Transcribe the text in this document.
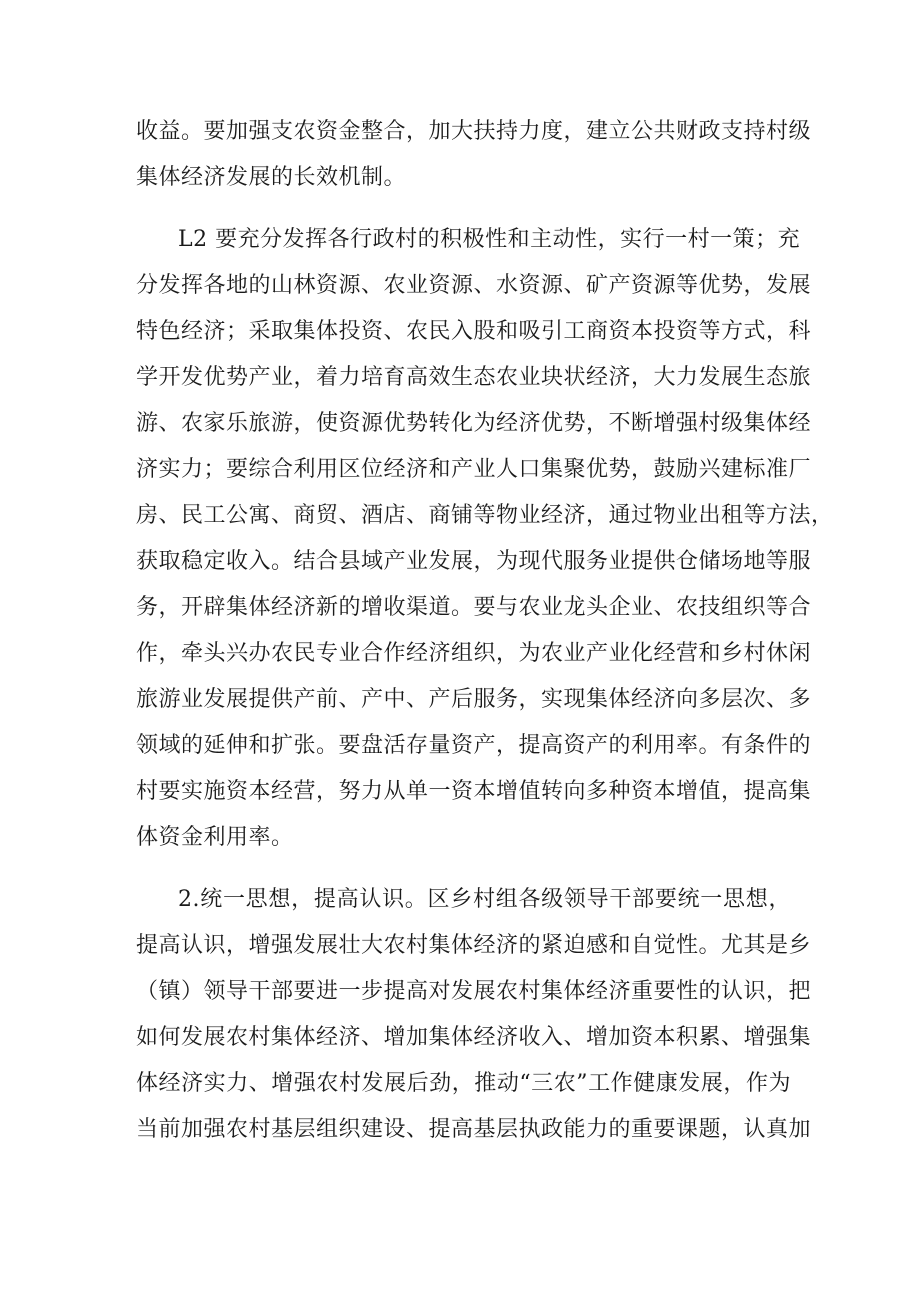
收益。要加强支农资金整合，加大扶持力度，建立公共财政支持村级
集体经济发展的长效机制。
L2 要充分发挥各行政村的积极性和主动性，实行一村一策；充
分发挥各地的山林资源、农业资源、水资源、矿产资源等优势，发展
特色经济；采取集体投资、农民入股和吸引工商资本投资等方式，科
学开发优势产业，着力培育高效生态农业块状经济，大力发展生态旅
游、农家乐旅游，使资源优势转化为经济优势，不断增强村级集体经
济实力；要综合利用区位经济和产业人口集聚优势，鼓励兴建标准厂
房、民工公寓、商贸、酒店、商铺等物业经济，通过物业出租等方法，
获取稳定收入。结合县域产业发展，为现代服务业提供仓储场地等服
务，开辟集体经济新的增收渠道。要与农业龙头企业、农技组织等合
作，牵头兴办农民专业合作经济组织，为农业产业化经营和乡村休闲
旅游业发展提供产前、产中、产后服务，实现集体经济向多层次、多
领域的延伸和扩张。要盘活存量资产，提高资产的利用率。有条件的
村要实施资本经营，努力从单一资本增值转向多种资本增值，提高集
体资金利用率。
2.统一思想，提高认识。区乡村组各级领导干部要统一思想，
提高认识，增强发展壮大农村集体经济的紧迫感和自觉性。尤其是乡
（镇）领导干部要进一步提高对发展农村集体经济重要性的认识，把
如何发展农村集体经济、增加集体经济收入、增加资本积累、增强集
体经济实力、增强农村发展后劲，推动“三农”工作健康发展，作为
当前加强农村基层组织建设、提高基层执政能力的重要课题，认真加
